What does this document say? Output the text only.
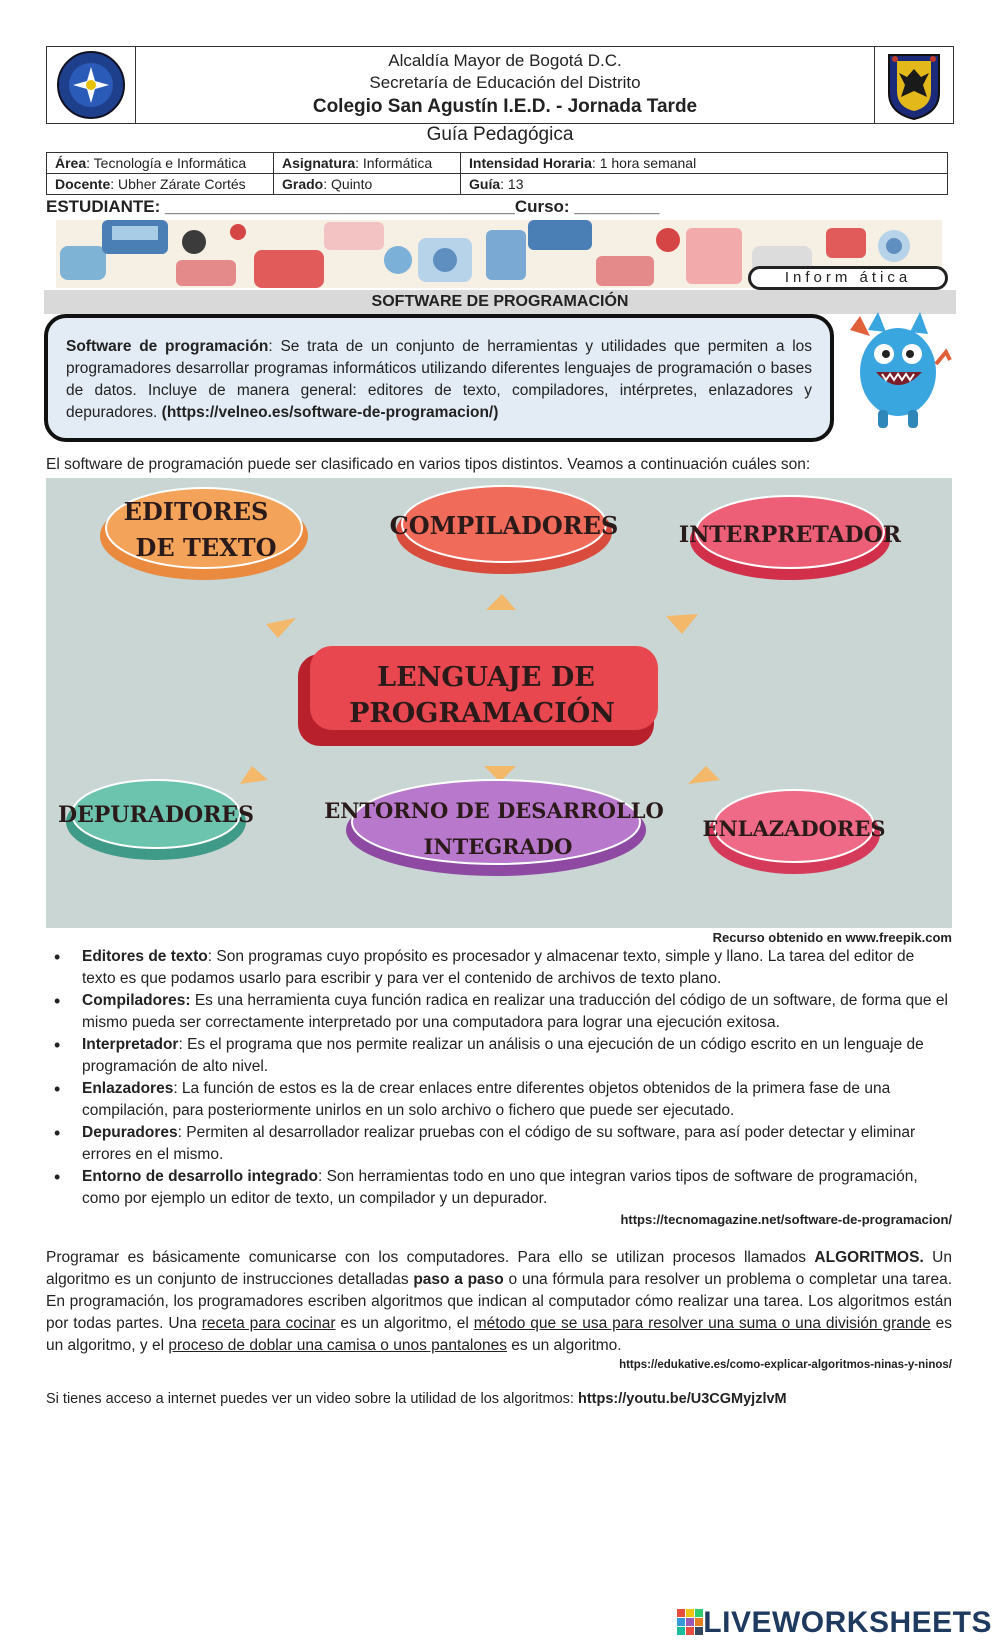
Alcaldía Mayor de Bogotá D.C.
Secretaría de Educación del Distrito
Colegio San Agustín I.E.D. - Jornada Tarde
Guía Pedagógica
Área: Tecnología e Informática	Asignatura: Informática	Intensidad Horaria: 1 hora semanal
Docente: Ubher Zárate Cortés	Grado: Quinto	Guía: 13
ESTUDIANTE: _____________________________________Curso: _________
Inform ática
SOFTWARE DE PROGRAMACIÓN
Software de programación: Se trata de un conjunto de herramientas y utilidades que permiten a los programadores desarrollar programas informáticos utilizando diferentes lenguajes de programación o bases de datos. Incluye de manera general: editores de texto, compiladores, intérpretes, enlazadores y depuradores. (https://velneo.es/software-de-programacion/)
El software de programación puede ser clasificado en varios tipos distintos. Veamos a continuación cuáles son:
LENGUAJE DE
PROGRAMACIÓN
EDITORES
DE TEXTO
COMPILADORES	INTERPRETADOR
DEPURADORES	ENTORNO DE DESARROLLO
INTEGRADO
ENLAZADORES
Recurso obtenido en www.freepik.com
• Editores de texto: Son programas cuyo propósito es procesador y almacenar texto, simple y llano. La tarea del editor de texto es que podamos usarlo para escribir y para ver el contenido de archivos de texto plano.
• Compiladores: Es una herramienta cuya función radica en realizar una traducción del código de un software, de forma que el mismo pueda ser correctamente interpretado por una computadora para lograr una ejecución exitosa.
• Interpretador: Es el programa que nos permite realizar un análisis o una ejecución de un código escrito en un lenguaje de programación de alto nivel.
• Enlazadores: La función de estos es la de crear enlaces entre diferentes objetos obtenidos de la primera fase de una compilación, para posteriormente unirlos en un solo archivo o fichero que puede ser ejecutado.
• Depuradores: Permiten al desarrollador realizar pruebas con el código de su software, para así poder detectar y eliminar errores en el mismo.
• Entorno de desarrollo integrado: Son herramientas todo en uno que integran varios tipos de software de programación, como por ejemplo un editor de texto, un compilador y un depurador.
https://tecnomagazine.net/software-de-programacion/
Programar es básicamente comunicarse con los computadores. Para ello se utilizan procesos llamados ALGORITMOS. Un algoritmo es un conjunto de instrucciones detalladas paso a paso o una fórmula para resolver un problema o completar una tarea. En programación, los programadores escriben algoritmos que indican al computador cómo realizar una tarea. Los algoritmos están por todas partes. Una receta para cocinar es un algoritmo, el método que se usa para resolver una suma o una división grande es un algoritmo, y el proceso de doblar una camisa o unos pantalones es un algoritmo.
https://edukative.es/como-explicar-algoritmos-ninas-y-ninos/
Si tienes acceso a internet puedes ver un video sobre la utilidad de los algoritmos: https://youtu.be/U3CGMyjzlvM
LIVEWORKSHEETS
